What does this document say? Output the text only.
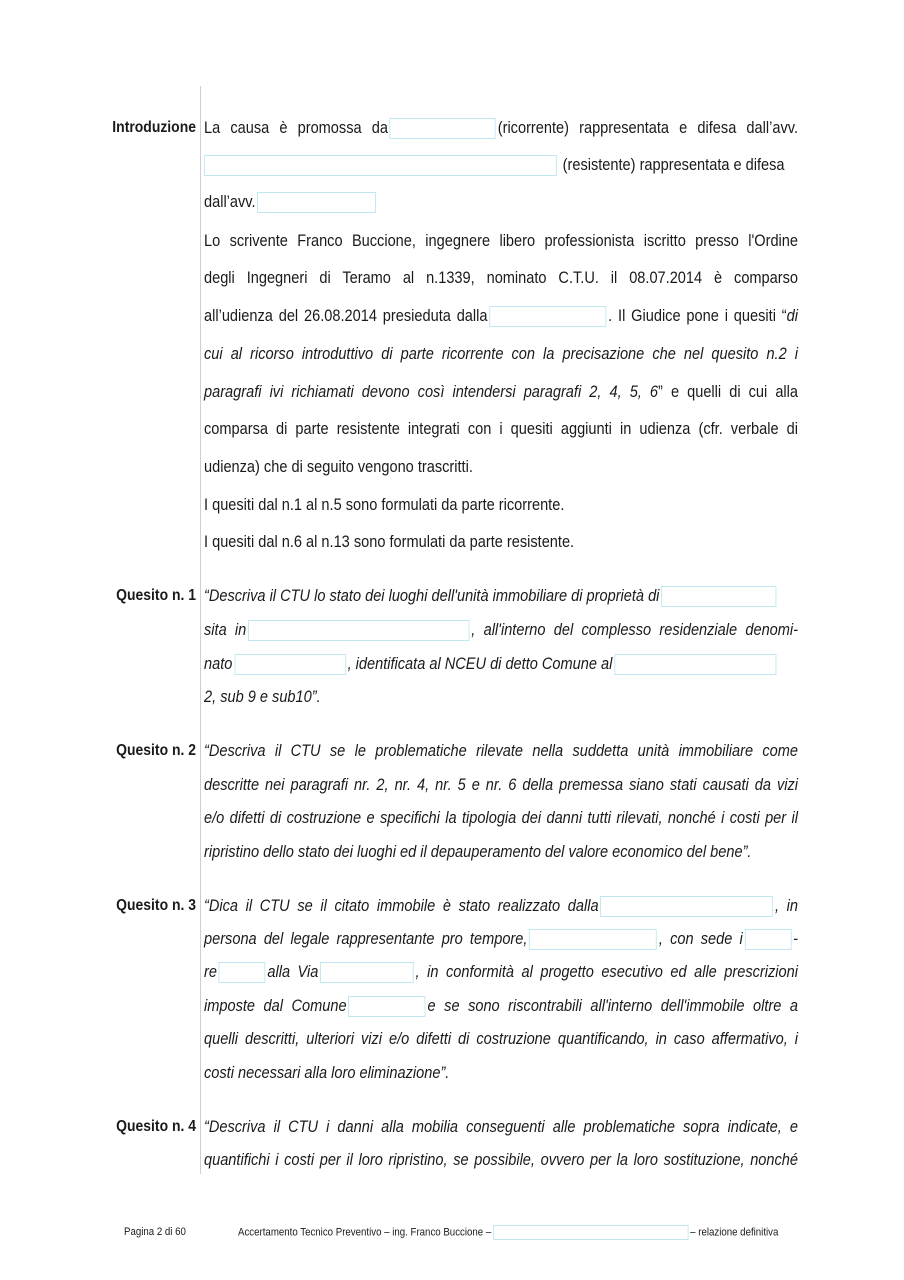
Introduzione La causa è promossa da	(ricorrente) rappresentata e difesa dall’avv.
(resistente) rappresentata e difesa
dall’avv.
Lo scrivente Franco Buccione, ingegnere libero professionista iscritto presso l'Ordine
degli Ingegneri di Teramo al n.1339, nominato C.T.U. il 08.07.2014 è comparso
all’udienza del 26.08.2014 presieduta dalla	. Il Giudice pone i quesiti “di
cui al ricorso introduttivo di parte ricorrente con la precisazione che nel quesito n.2 i
paragrafi ivi richiamati devono così intendersi paragrafi 2, 4, 5, 6” e quelli di cui alla
comparsa di parte resistente integrati con i quesiti aggiunti in udienza (cfr. verbale di
udienza) che di seguito vengono trascritti.
I quesiti dal n.1 al n.5 sono formulati da parte ricorrente.
I quesiti dal n.6 al n.13 sono formulati da parte resistente.
Quesito n. 1 “Descriva il CTU lo stato dei luoghi dell'unità immobiliare di proprietà di
sita in	, all'interno del complesso residenziale denomi-
nato	, identificata al NCEU di detto Comune al
2, sub 9 e sub10”.
Quesito n. 2 “Descriva il CTU se le problematiche rilevate nella suddetta unità immobiliare come
descritte nei paragrafi nr. 2, nr. 4, nr. 5 e nr. 6 della premessa siano stati causati da vizi
e/o difetti di costruzione e specifichi la tipologia dei danni tutti rilevati, nonché i costi per il
ripristino dello stato dei luoghi ed il depauperamento del valore economico del bene”.
Quesito n. 3 “Dica il CTU se il citato immobile è stato realizzato dalla	, in
persona del legale rappresentante pro tempore,	, con sede i	-
re	alla Via	, in conformità al progetto esecutivo ed alle prescrizioni
imposte dal Comune	e se sono riscontrabili all'interno dell'immobile oltre a
quelli descritti, ulteriori vizi e/o difetti di costruzione quantificando, in caso affermativo, i
costi necessari alla loro eliminazione”.
Quesito n. 4 “Descriva il CTU i danni alla mobilia conseguenti alle problematiche sopra indicate, e
quantifichi i costi per il loro ripristino, se possibile, ovvero per la loro sostituzione, nonché
Pagina 2 di 60	Accertamento Tecnico Preventivo – ing. Franco Buccione –	– relazione definitiva
